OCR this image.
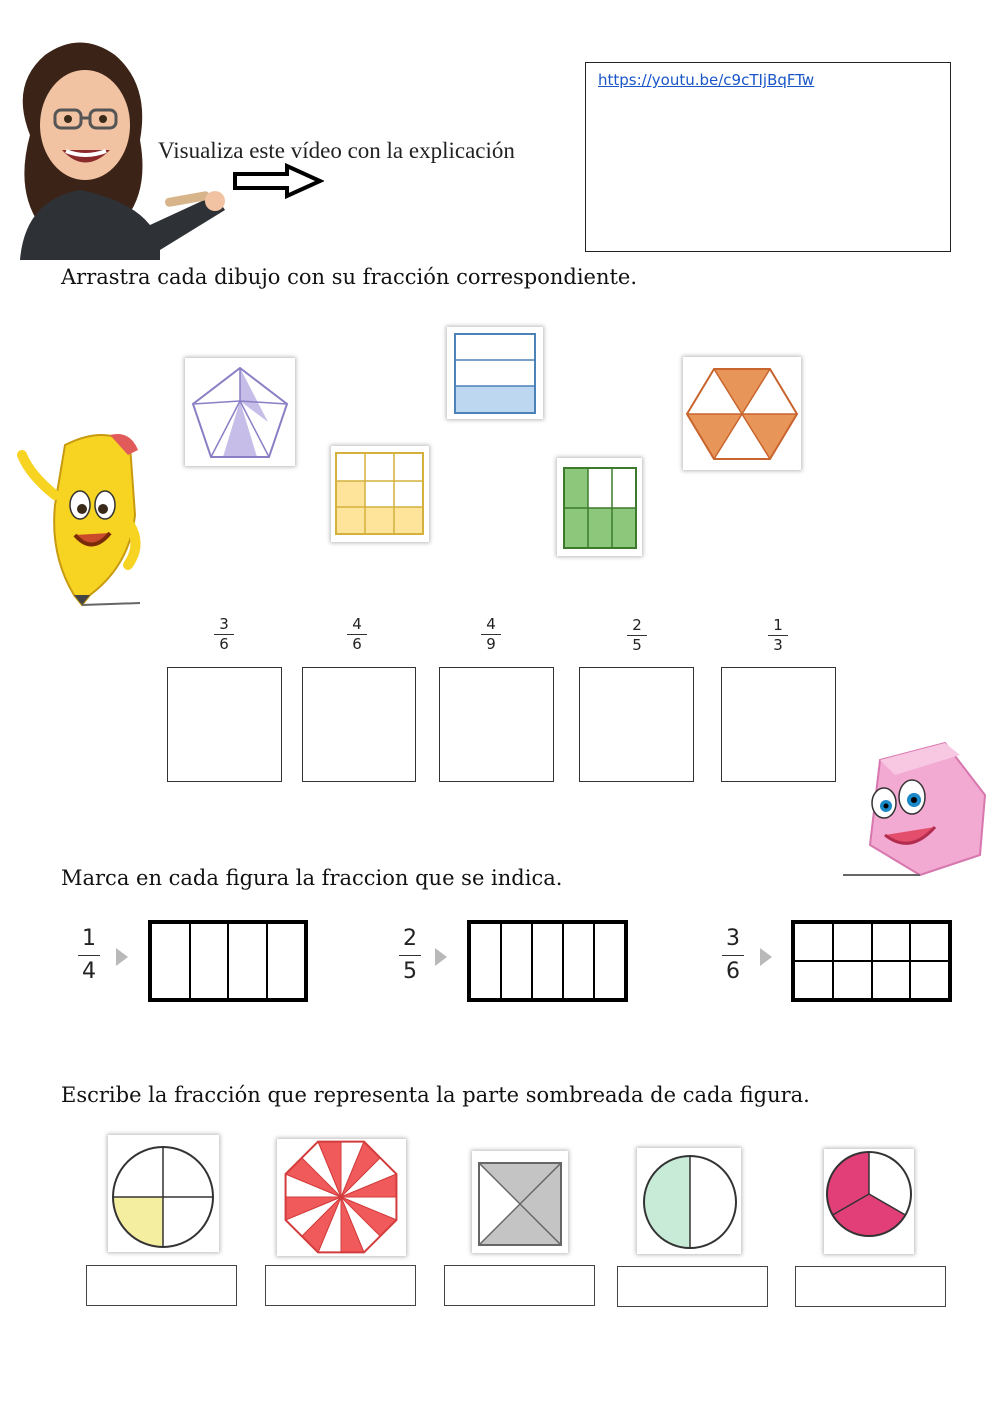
Visualiza este vídeo con la explicación
https://youtu.be/c9cTIjBqFTw
Arrastra cada dibujo con su fracción correspondiente.
3
6
4
6
4
9
2
5
1
3
Marca en cada figura la fraccion que se indica.
1
4
2
5
3
6
Escribe la fracción que representa la parte sombreada de cada figura.
